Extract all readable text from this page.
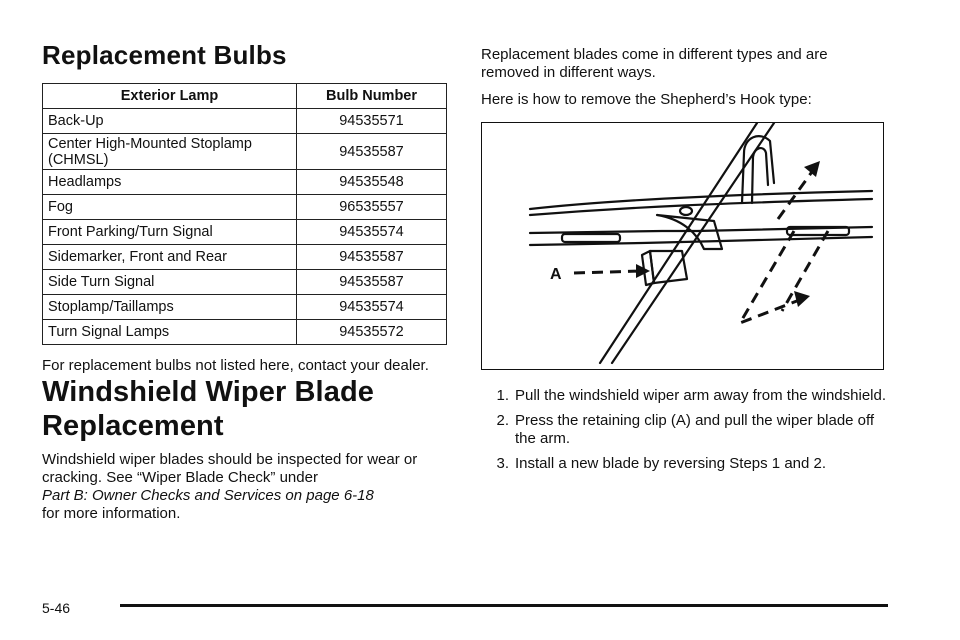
Replacement Bulbs
Exterior Lamp	Bulb Number
Back-Up	94535571
Center High-Mounted Stoplamp (CHMSL)	94535587
Headlamps	94535548
Fog	96535557
Front Parking/Turn Signal	94535574
Sidemarker, Front and Rear	94535587
Side Turn Signal	94535587
Stoplamp/Taillamps	94535574
Turn Signal Lamps	94535572

For replacement bulbs not listed here, contact your dealer.

Windshield Wiper Blade
Replacement

Windshield wiper blades should be inspected for wear or cracking. See “Wiper Blade Check” under
Part B: Owner Checks and Services on page 6-18
for more information.

Replacement blades come in different types and are removed in different ways.

Here is how to remove the Shepherd’s Hook type:

A
1. Pull the windshield wiper arm away from the windshield.
2. Press the retaining clip (A) and pull the wiper blade off the arm.
3. Install a new blade by reversing Steps 1 and 2.
5-46
